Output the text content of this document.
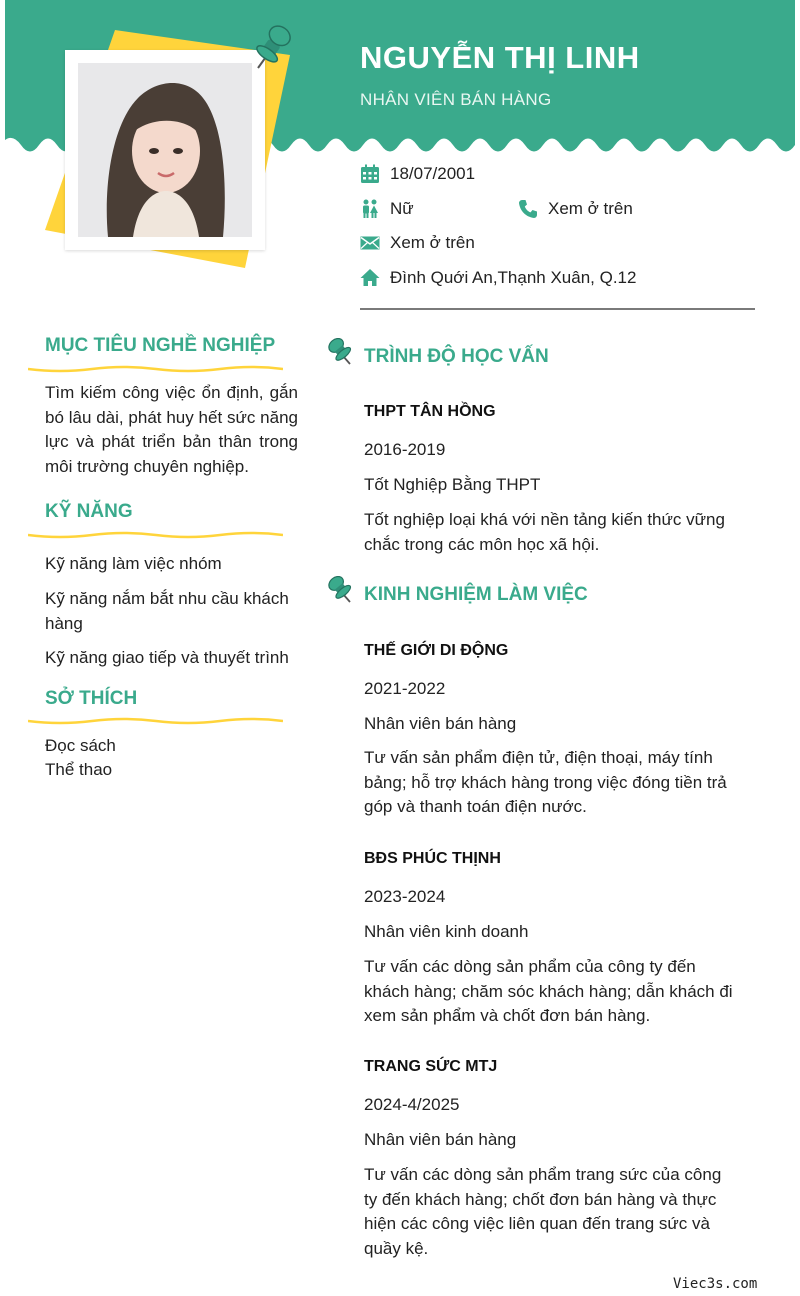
NGUYỄN THỊ LINH
NHÂN VIÊN BÁN HÀNG
18/07/2001
Nữ	Xem ở trên
Xem ở trên
Đình Quới An,Thạnh Xuân, Q.12
MỤC TIÊU NGHỀ NGHIỆP
Tìm kiếm công việc ổn định, gắn bó lâu dài, phát huy hết sức năng lực và phát triển bản thân trong môi trường chuyên nghiệp.
KỸ NĂNG
Kỹ năng làm việc nhóm
Kỹ năng nắm bắt nhu cầu khách hàng
Kỹ năng giao tiếp và thuyết trình
SỞ THÍCH
Đọc sách
Thể thao
TRÌNH ĐỘ HỌC VẤN
THPT TÂN HỒNG
2016-2019
Tốt Nghiệp Bằng THPT
Tốt nghiệp loại khá với nền tảng kiến thức vững chắc trong các môn học xã hội.
KINH NGHIỆM LÀM VIỆC
THẾ GIỚI DI ĐỘNG
2021-2022
Nhân viên bán hàng
Tư vấn sản phẩm điện tử, điện thoại, máy tính bảng; hỗ trợ khách hàng trong việc đóng tiền trả góp và thanh toán điện nước.
BĐS PHÚC THỊNH
2023-2024
Nhân viên kinh doanh
Tư vấn các dòng sản phẩm của công ty đến khách hàng; chăm sóc khách hàng; dẫn khách đi xem sản phẩm và chốt đơn bán hàng.
TRANG SỨC MTJ
2024-4/2025
Nhân viên bán hàng
Tư vấn các dòng sản phẩm trang sức của công ty đến khách hàng; chốt đơn bán hàng và thực hiện các công việc liên quan đến trang sức và quầy kệ.
Viec3s.com
